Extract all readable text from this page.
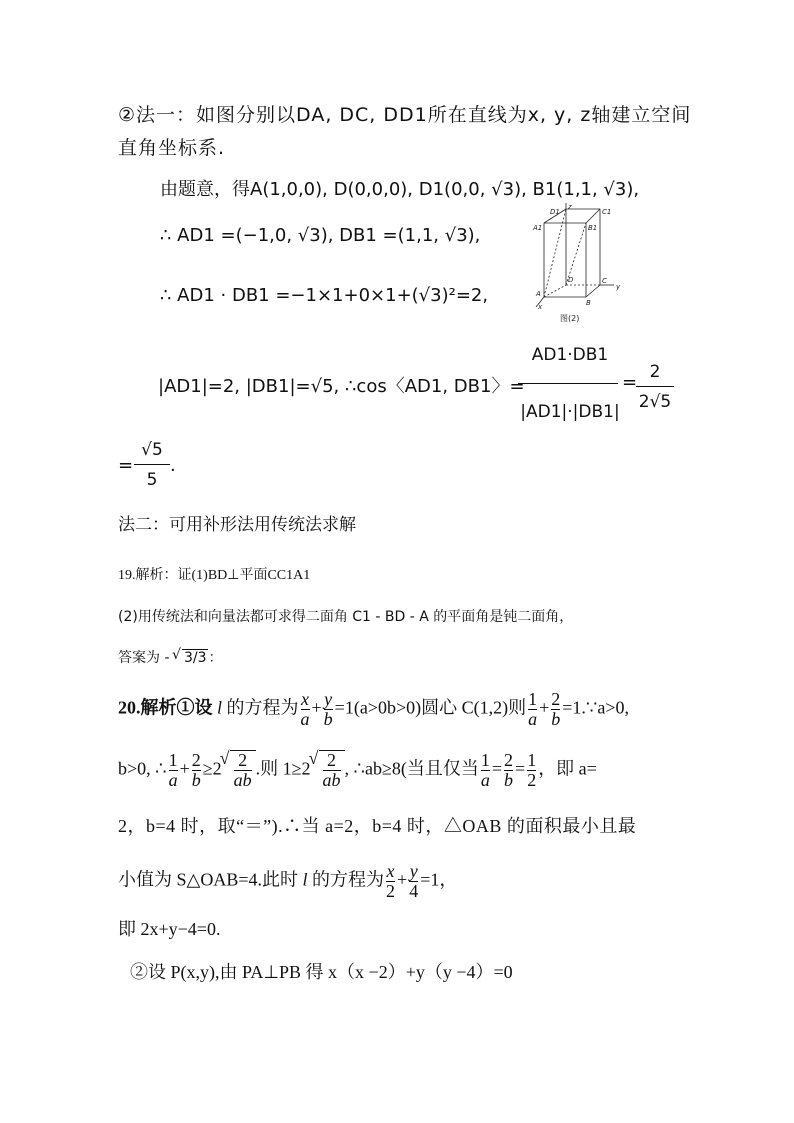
②法一：如图分别以DA, DC, DD1所在直线为x, y, z轴建立空间
直角坐标系.
由题意，得A(1,0,0), D(0,0,0), D1(0,0, √3), B1(1,1, √3),
∴ AD1 =(−1,0, √3), DB1 =(1,1, √3),
∴ AD1 · DB1 =−1×1+0×1+(√3)²=2,
|AD1|=2, |DB1|=√5, ∴cos〈AD1, DB1〉=
AD1·DB1
|AD1|·|DB1|
= 2
2√5
=
√5
5
.
D1
z
C1
A1	B1
D	C
y
A
x	B
图(2)
法二：可用补形法用传统法求解
19.解析：证(1)BD⊥平面CC1A1
(2)用传统法和向量法都可求得二面角 C1 - BD - A 的平面角是钝二面角，
答案为 - √ 3/3 ：
20.解析①设 l 的方程为 $\frac{x}{a} + \frac{y}{b} =1(a>0b>0)$圆心 C(1,2)则 $\frac{1}{a} + \frac{2}{b}$ =1.∵a>0,
b>0, ∴ $\frac{1}{a} + \frac{2}{b} \ge 2$ √ $\frac{2}{ab}$ .则 1≥2 √ $\frac{2}{ab}$ , ∴ab≥8(当且仅当 $\frac{1}{a} = \frac{2}{b} = \frac{1}{2}$ ，即 a=
2，b=4 时，取“＝”).∴当 a=2，b=4 时，△OAB 的面积最小且最
小值为 S△OAB=4.此时 l 的方程为 $\frac{x}{2} + \frac{y}{4} =1$，
即 2x+y−4=0.
②设 P(x,y),由 PA⊥PB 得 x（x −2）+y（y −4）=0
